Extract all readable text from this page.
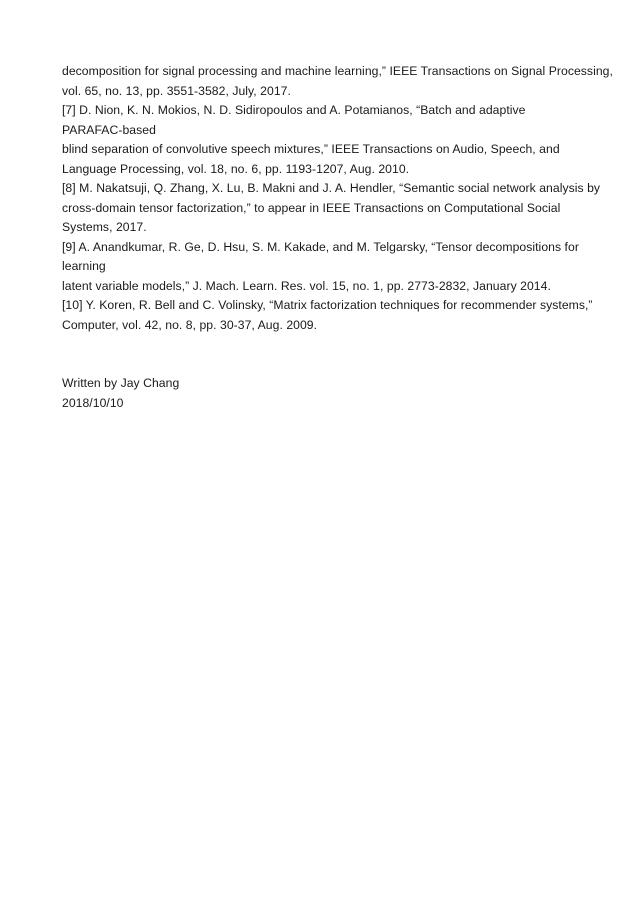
decomposition for signal processing and machine learning,” IEEE Transactions on Signal Processing,
vol. 65, no. 13, pp. 3551-3582, July, 2017.
[7] D. Nion, K. N. Mokios, N. D. Sidiropoulos and A. Potamianos, “Batch and adaptive
PARAFAC-based
blind separation of convolutive speech mixtures,” IEEE Transactions on Audio, Speech, and
Language Processing, vol. 18, no. 6, pp. 1193-1207, Aug. 2010.
[8] M. Nakatsuji, Q. Zhang, X. Lu, B. Makni and J. A. Hendler, “Semantic social network analysis by
cross-domain tensor factorization,” to appear in IEEE Transactions on Computational Social
Systems, 2017.
[9] A. Anandkumar, R. Ge, D. Hsu, S. M. Kakade, and M. Telgarsky, “Tensor decompositions for
learning
latent variable models,” J. Mach. Learn. Res. vol. 15, no. 1, pp. 2773-2832, January 2014.
[10] Y. Koren, R. Bell and C. Volinsky, “Matrix factorization techniques for recommender systems,”
Computer, vol. 42, no. 8, pp. 30-37, Aug. 2009.
Written by Jay Chang
2018/10/10
